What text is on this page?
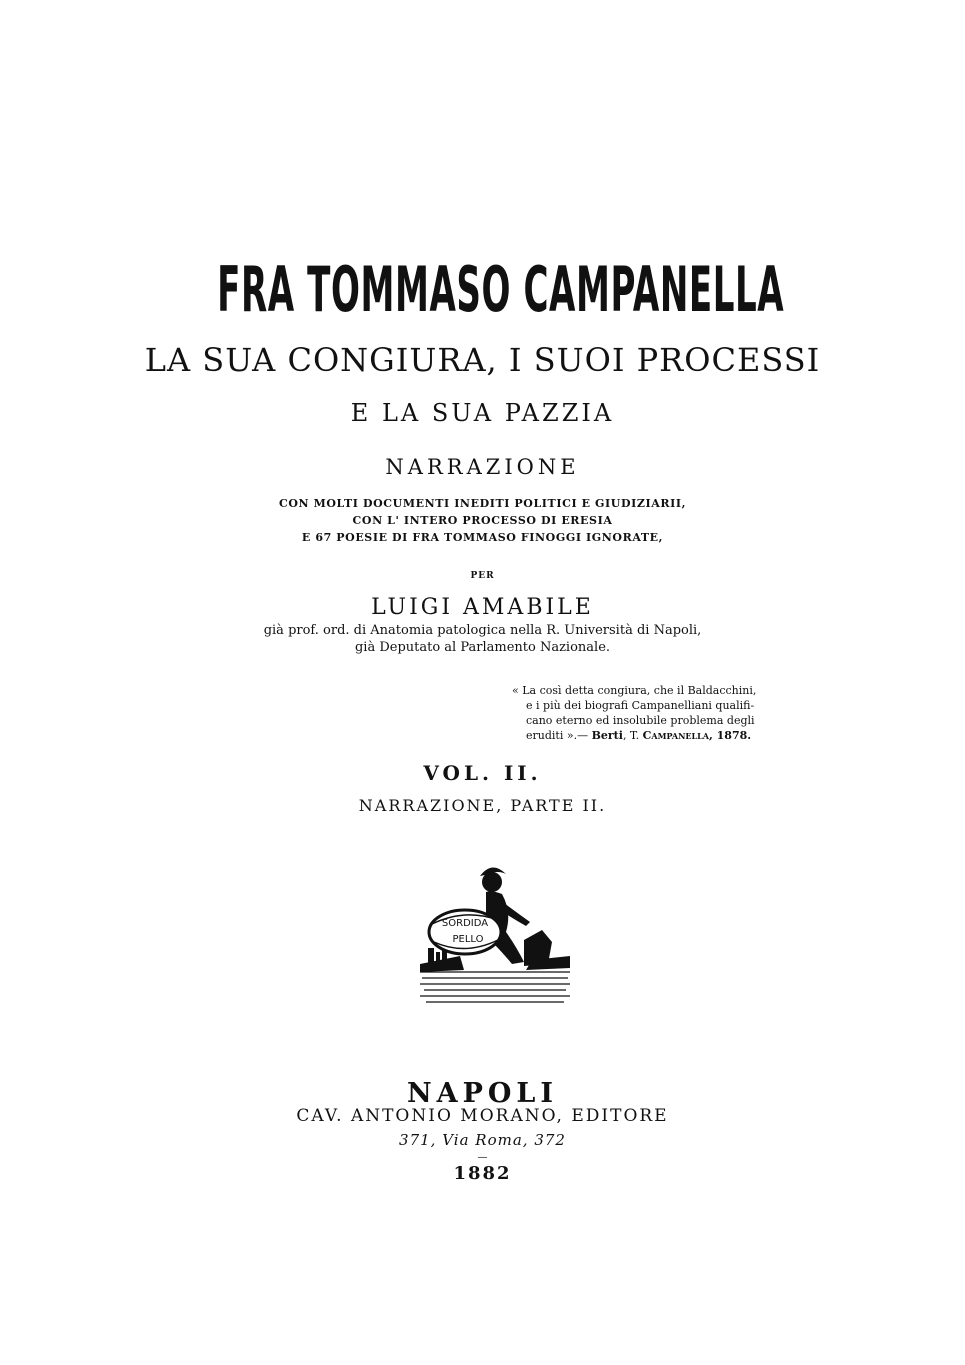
FRA TOMMASO CAMPANELLA
LA SUA CONGIURA, I SUOI PROCESSI
E LA SUA PAZZIA
NARRAZIONE
CON MOLTI DOCUMENTI INEDITI POLITICI E GIUDIZIARII,
CON L' INTERO PROCESSO DI ERESIA
E 67 POESIE DI FRA TOMMASO FINOGGI IGNORATE,
PER
LUIGI AMABILE
già prof. ord. di Anatomia patologica nella R. Università di Napoli,
già Deputato al Parlamento Nazionale.
« La così detta congiura, che il Baldacchini,
e i più dei biografi Campanelliani qualifi-
cano eterno ed insolubile problema degli
eruditi ».— Berti, T. Campanella, 1878.
VOL. II.
NARRAZIONE, PARTE II.
SORDIDA
PELLO
NAPOLI
CAV. ANTONIO MORANO, EDITORE
371, Via Roma, 372
—
1882
